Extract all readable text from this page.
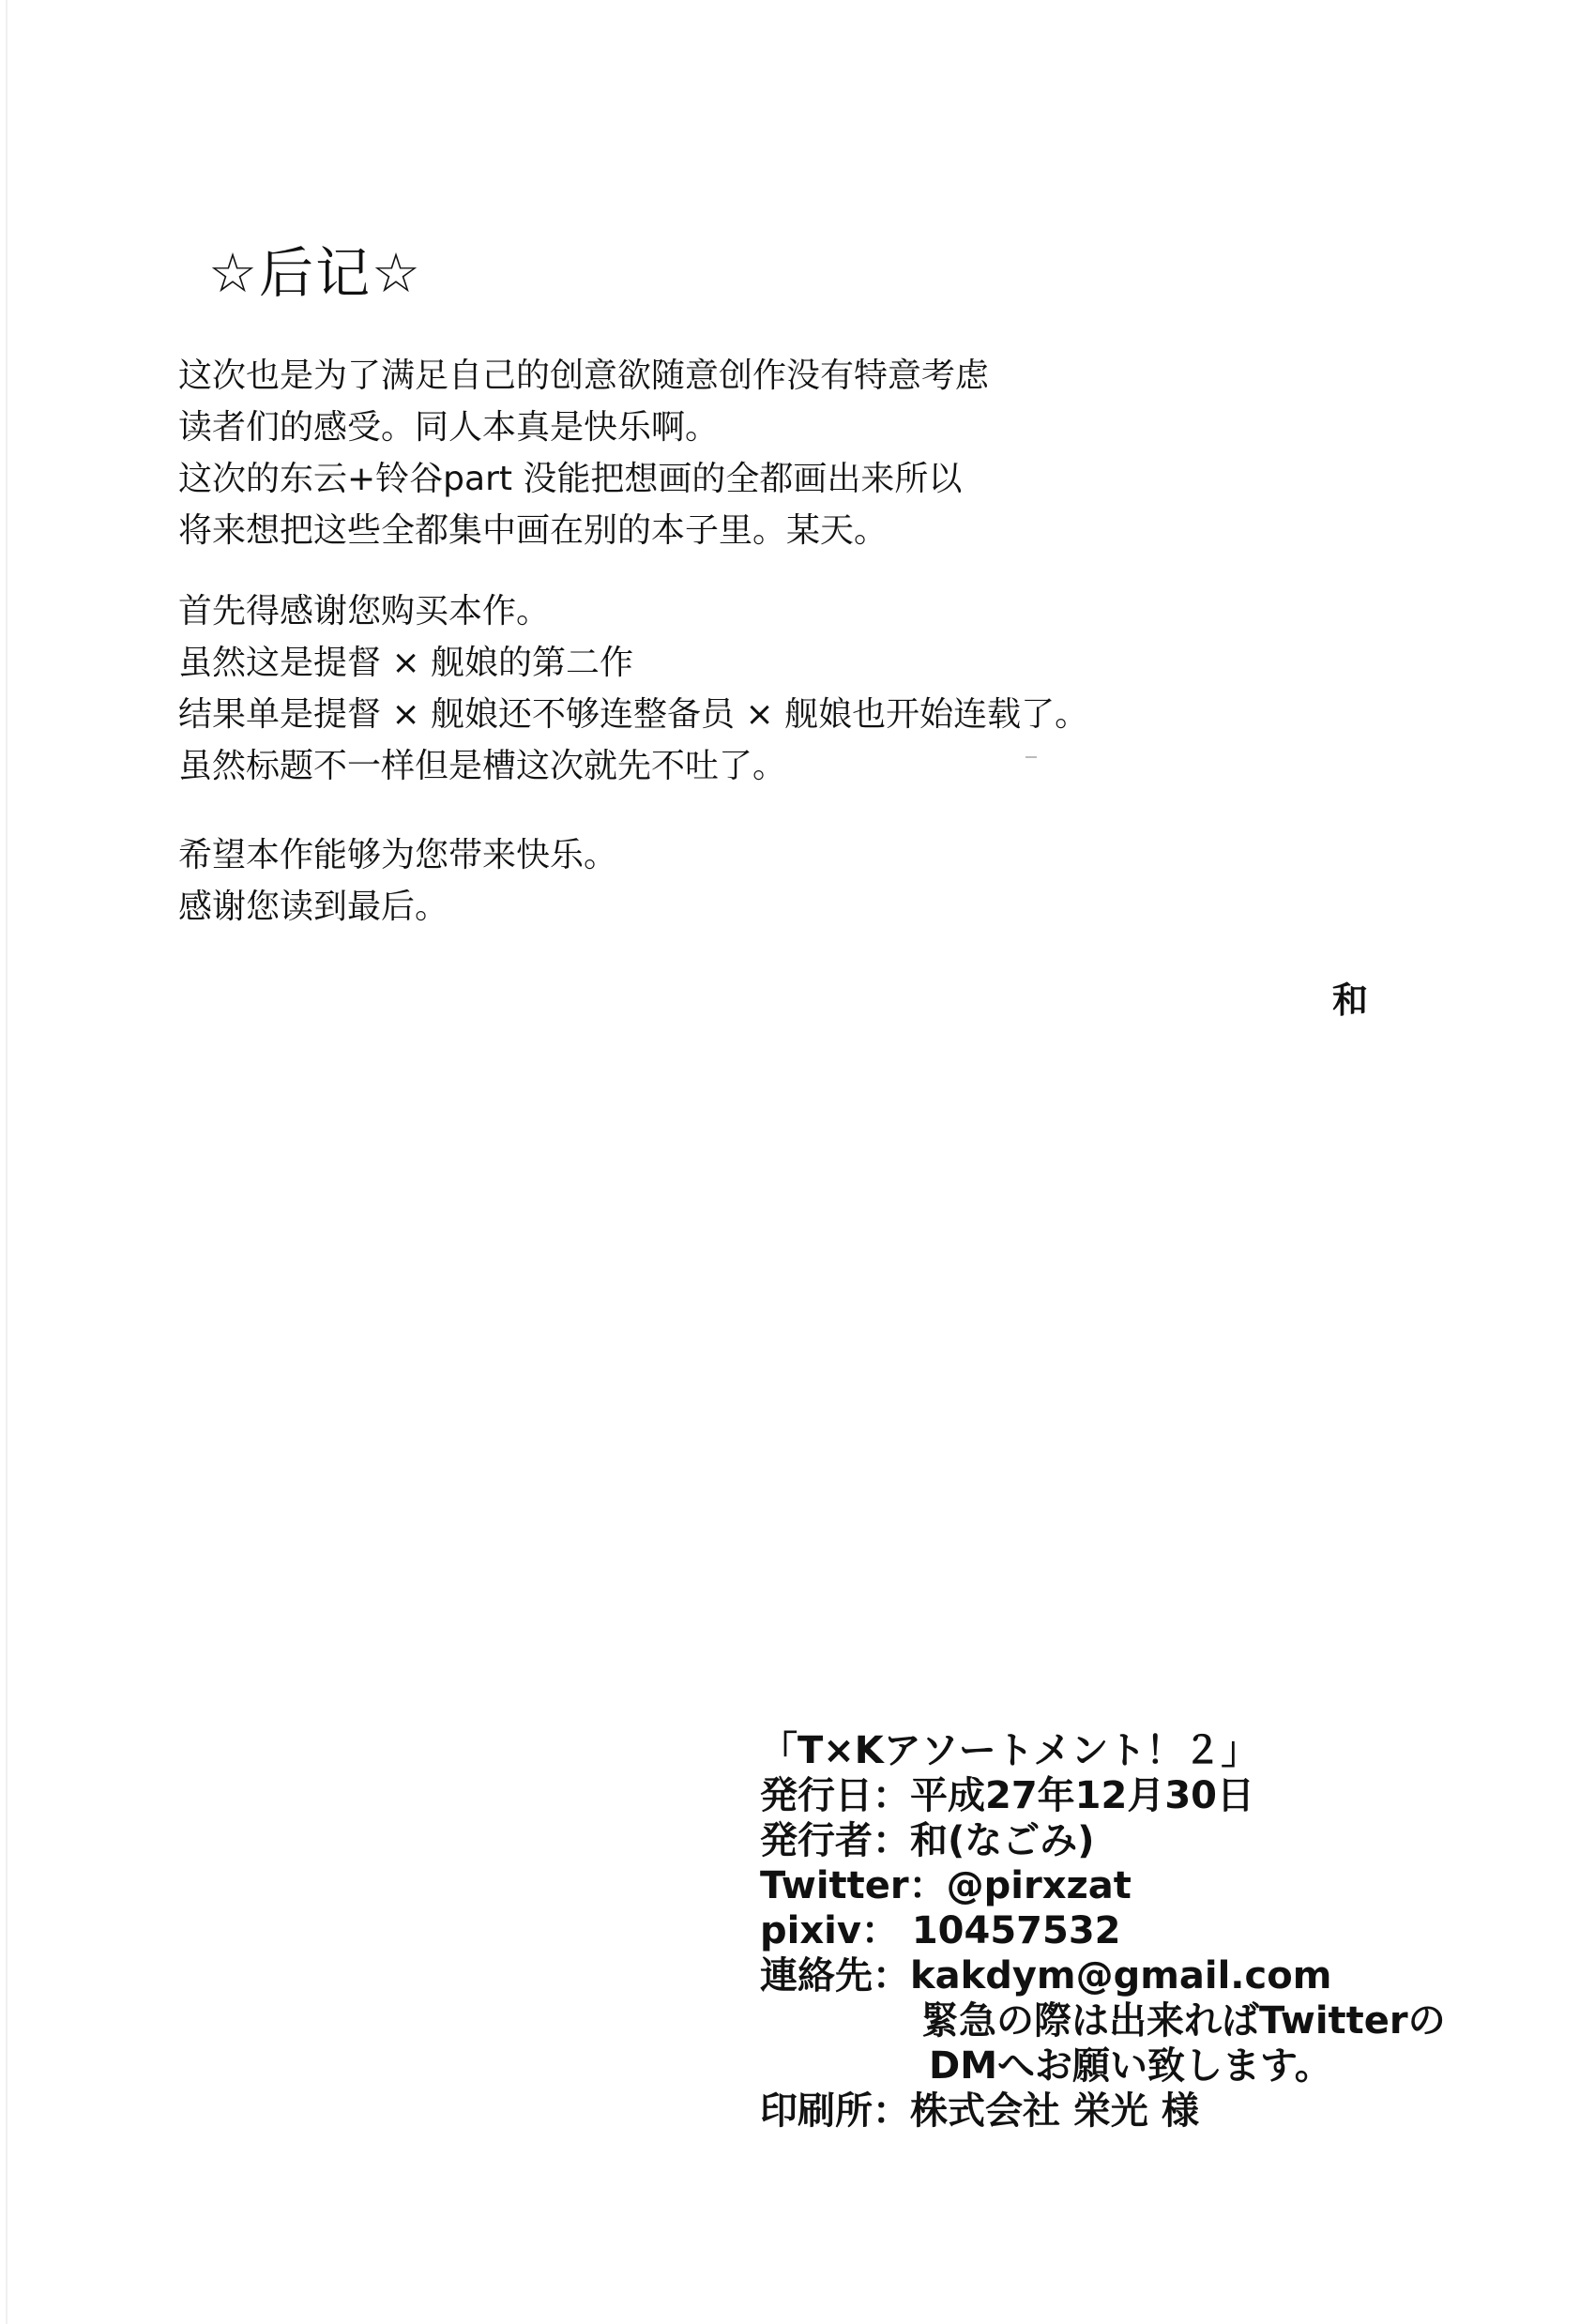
☆后记☆

这次也是为了满足自己的创意欲随意创作没有特意考虑

读者们的感受。同人本真是快乐啊。

这次的东云+铃谷part 没能把想画的全都画出来所以

将来想把这些全都集中画在别的本子里。某天。

首先得感谢您购买本作。

虽然这是提督 × 舰娘的第二作

结果单是提督 × 舰娘还不够连整备员 × 舰娘也开始连载了。

虽然标题不一样但是槽这次就先不吐了。

希望本作能够为您带来快乐。

感谢您读到最后。

和
「T×Kアソートメント！２」
発行日：平成27年12月30日
発行者：和(なごみ)
Twitter：@pirxzat
pixiv： 10457532
連絡先：kakdym@gmail.com
緊急の際は出来ればTwitterの
DMへお願い致します。
印刷所：株式会社 栄光 様
